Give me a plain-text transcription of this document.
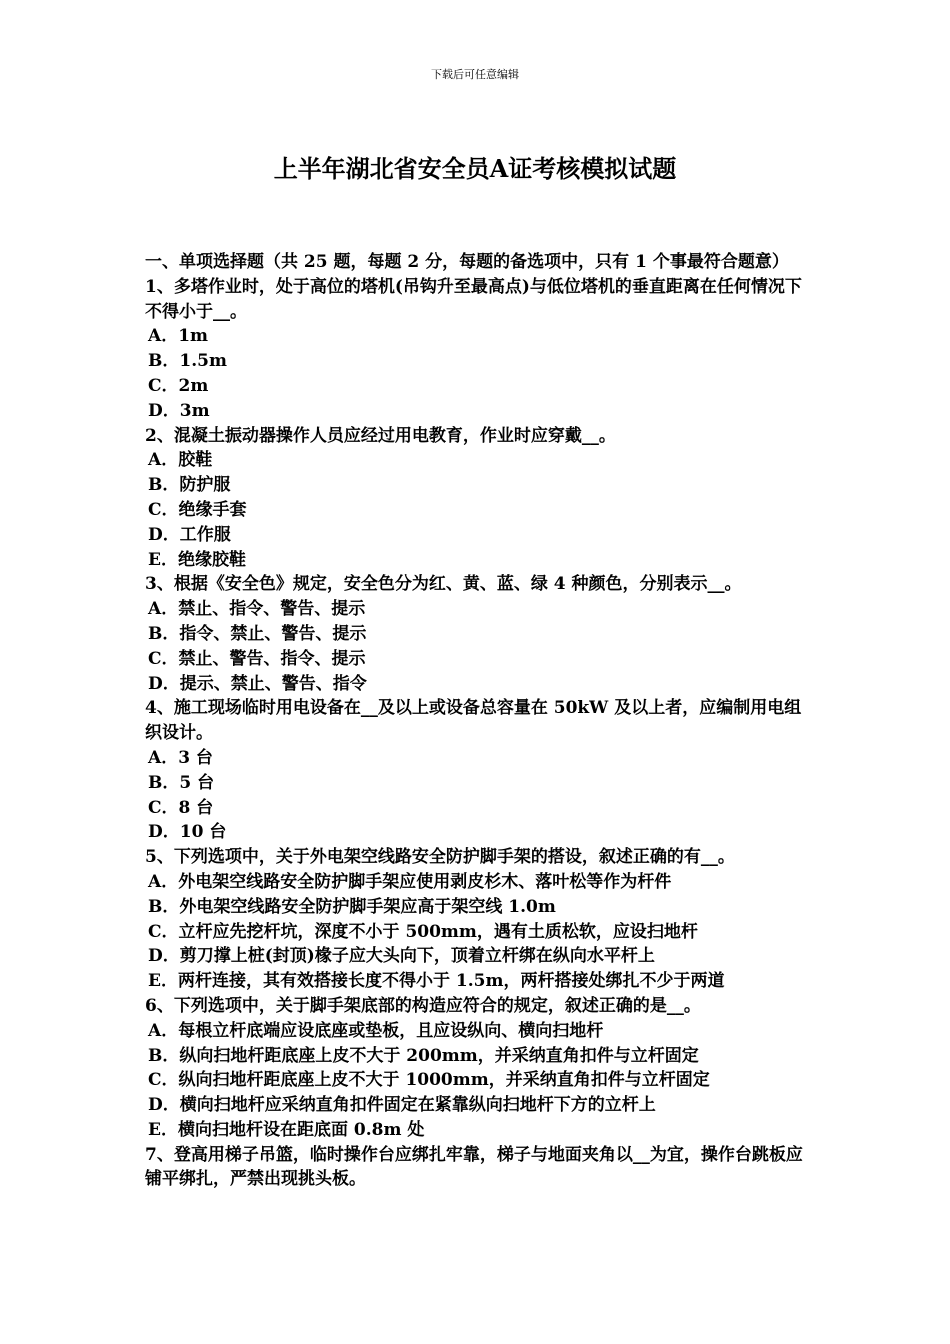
下载后可任意编辑
上半年湖北省安全员A证考核模拟试题
一、单项选择题（共 25 题，每题 2 分，每题的备选项中，只有 1 个事最符合题意）
1、多塔作业时，处于高位的塔机(吊钩升至最高点)与低位塔机的垂直距离在任何情况下不得小于__。
A．1m
B．1.5m
C．2m
D．3m
2、混凝土振动器操作人员应经过用电教育，作业时应穿戴__。
A．胶鞋
B．防护服
C．绝缘手套
D．工作服
E．绝缘胶鞋
3、根据《安全色》规定，安全色分为红、黄、蓝、绿 4 种颜色，分别表示__。
A．禁止、指令、警告、提示
B．指令、禁止、警告、提示
C．禁止、警告、指令、提示
D．提示、禁止、警告、指令
4、施工现场临时用电设备在__及以上或设备总容量在 50kW 及以上者，应编制用电组织设计。
A．3 台
B．5 台
C．8 台
D．10 台
5、下列选项中，关于外电架空线路安全防护脚手架的搭设，叙述正确的有__。
A．外电架空线路安全防护脚手架应使用剥皮杉木、落叶松等作为杆件
B．外电架空线路安全防护脚手架应高于架空线 1.0m
C．立杆应先挖杆坑，深度不小于 500mm，遇有土质松软，应设扫地杆
D．剪刀撑上桩(封顶)椽子应大头向下，顶着立杆绑在纵向水平杆上
E．两杆连接，其有效搭接长度不得小于 1.5m，两杆搭接处绑扎不少于两道
6、下列选项中，关于脚手架底部的构造应符合的规定，叙述正确的是__。
A．每根立杆底端应设底座或垫板，且应设纵向、横向扫地杆
B．纵向扫地杆距底座上皮不大于 200mm，并采纳直角扣件与立杆固定
C．纵向扫地杆距底座上皮不大于 1000mm，并采纳直角扣件与立杆固定
D．横向扫地杆应采纳直角扣件固定在紧靠纵向扫地杆下方的立杆上
E．横向扫地杆设在距底面 0.8m 处
7、登高用梯子吊篮，临时操作台应绑扎牢靠，梯子与地面夹角以__为宜，操作台跳板应铺平绑扎，严禁出现挑头板。
